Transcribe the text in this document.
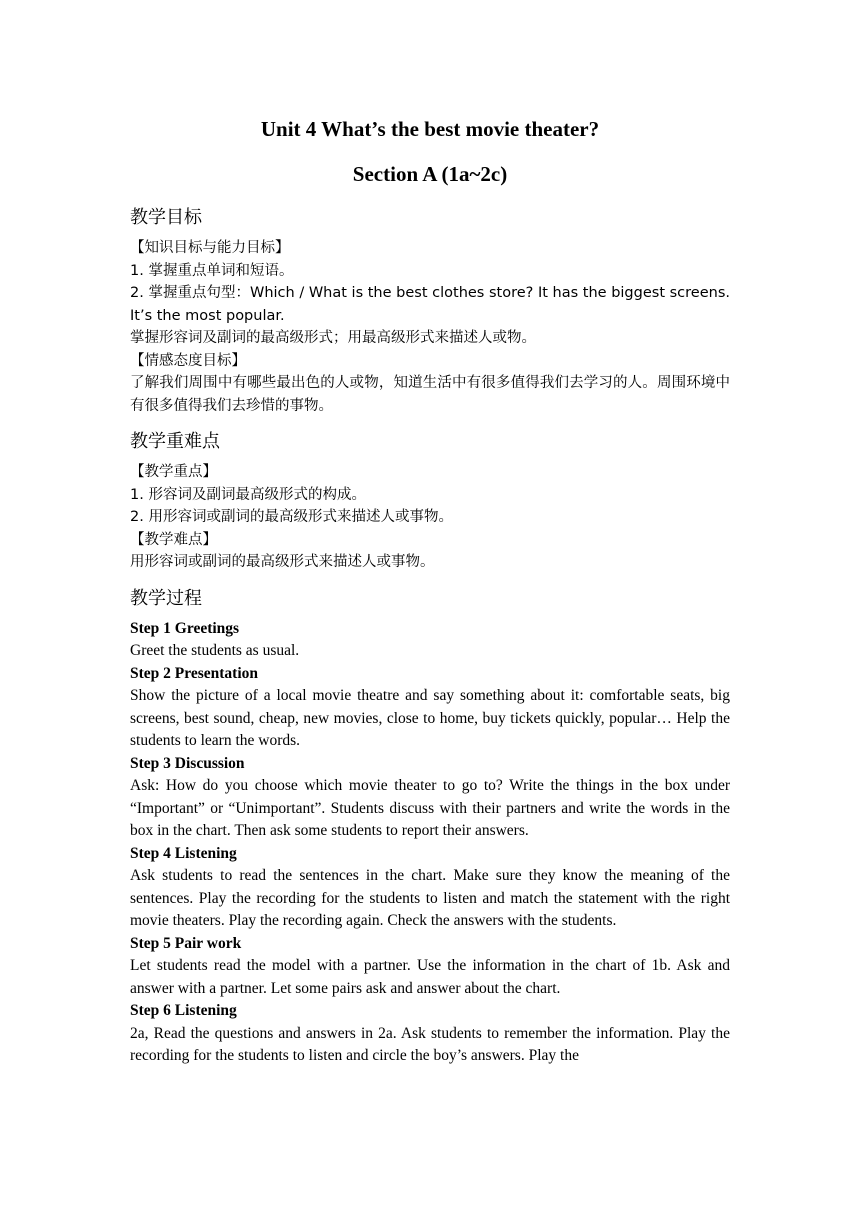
Unit 4 What’s the best movie theater?
Section A (1a~2c)
教学目标

【知识目标与能力目标】

1. 掌握重点单词和短语。

2. 掌握重点句型：Which / What is the best clothes store? It has the biggest screens. It’s the most popular.

掌握形容词及副词的最高级形式；用最高级形式来描述人或物。

【情感态度目标】

了解我们周围中有哪些最出色的人或物，知道生活中有很多值得我们去学习的人。周围环境中有很多值得我们去珍惜的事物。

教学重难点

【教学重点】

1. 形容词及副词最高级形式的构成。

2. 用形容词或副词的最高级形式来描述人或事物。

【教学难点】

用形容词或副词的最高级形式来描述人或事物。

教学过程

Step 1 Greetings

Greet the students as usual.

Step 2 Presentation

Show the picture of a local movie theatre and say something about it: comfortable seats, big screens, best sound, cheap, new movies, close to home, buy tickets quickly, popular… Help the students to learn the words.

Step 3 Discussion

Ask: How do you choose which movie theater to go to? Write the things in the box under “Important” or “Unimportant”. Students discuss with their partners and write the words in the box in the chart. Then ask some students to report their answers.

Step 4 Listening

Ask students to read the sentences in the chart. Make sure they know the meaning of the sentences. Play the recording for the students to listen and match the statement with the right movie theaters. Play the recording again. Check the answers with the students.

Step 5 Pair work

Let students read the model with a partner. Use the information in the chart of 1b. Ask and answer with a partner. Let some pairs ask and answer about the chart.

Step 6 Listening

2a, Read the questions and answers in 2a. Ask students to remember the information. Play the recording for the students to listen and circle the boy’s answers. Play the
